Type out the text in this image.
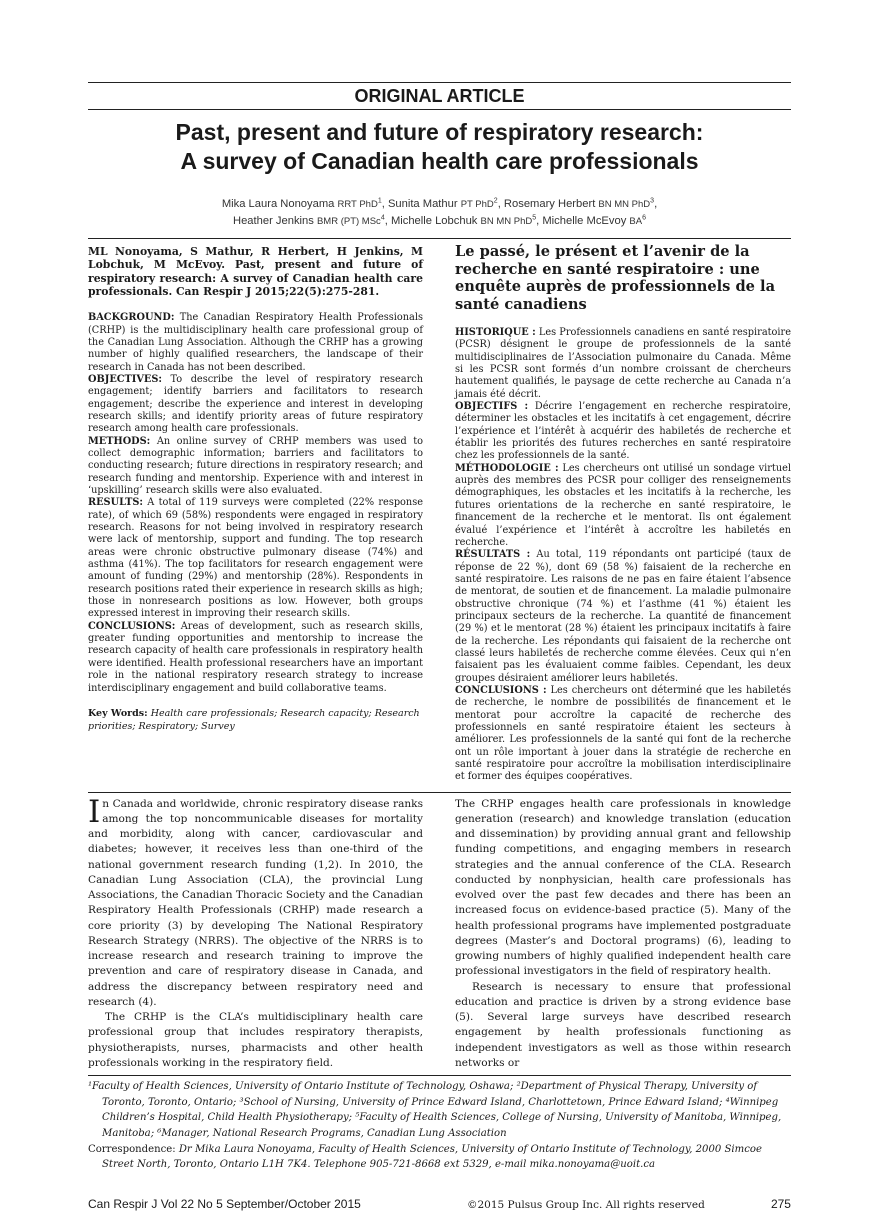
ORIGINAL ARTICLE
Past, present and future of respiratory research:
A survey of Canadian health care professionals
Mika Laura Nonoyama RRT PhD$^1$, Sunita Mathur PT PhD$^2$, Rosemary Herbert BN MN PhD$^3$,
Heather Jenkins BMR (PT) MSc$^4$, Michelle Lobchuk BN MN PhD$^5$, Michelle McEvoy $BA^6$
ML Nonoyama, S Mathur, R Herbert, H Jenkins, M Lobchuk, M McEvoy. Past, present and future of respiratory research: A survey of Canadian health care professionals. Can Respir J 2015;22(5):275-281.
BACKGROUND: The Canadian Respiratory Health Professionals (CRHP) is the multidisciplinary health care professional group of the Canadian Lung Association. Although the CRHP has a growing number of highly qualified researchers, the landscape of their research in Canada has not been described.
OBJECTIVES: To describe the level of respiratory research engagement; identify barriers and facilitators to research engagement; describe the experience and interest in developing research skills; and identify priority areas of future respiratory research among health care professionals.
METHODS: An online survey of CRHP members was used to collect demographic information; barriers and facilitators to conducting research; future directions in respiratory research; and research funding and mentorship. Experience with and interest in ‘upskilling’ research skills were also evaluated.
RESULTS: A total of 119 surveys were completed (22% response rate), of which 69 (58%) respondents were engaged in respiratory research. Reasons for not being involved in respiratory research were lack of mentorship, support and funding. The top research areas were chronic obstructive pulmonary disease (74%) and asthma (41%). The top facilitators for research engagement were amount of funding (29%) and mentorship (28%). Respondents in research positions rated their experience in research skills as high; those in nonresearch positions as low. However, both groups expressed interest in improving their research skills.
CONCLUSIONS: Areas of development, such as research skills, greater funding opportunities and mentorship to increase the research capacity of health care professionals in respiratory health were identified. Health professional researchers have an important role in the national respiratory research strategy to increase interdisciplinary engagement and build collaborative teams.
Key Words: Health care professionals; Research capacity; Research priorities; Respiratory; Survey
Le passé, le présent et l’avenir de la recherche en santé respiratoire : une enquête auprès de professionnels de la santé canadiens
HISTORIQUE : Les Professionnels canadiens en santé respiratoire (PCSR) désignent le groupe de professionnels de la santé multidisciplinaires de l’Association pulmonaire du Canada. Même si les PCSR sont formés d’un nombre croissant de chercheurs hautement qualifiés, le paysage de cette recherche au Canada n’a jamais été décrit.
OBJECTIFS : Décrire l’engagement en recherche respiratoire, déterminer les obstacles et les incitatifs à cet engagement, décrire l’expérience et l’intérêt à acquérir des habiletés de recherche et établir les priorités des futures recherches en santé respiratoire chez les professionnels de la santé.
MÉTHODOLOGIE : Les chercheurs ont utilisé un sondage virtuel auprès des membres des PCSR pour colliger des renseignements démographiques, les obstacles et les incitatifs à la recherche, les futures orientations de la recherche en santé respiratoire, le financement de la recherche et le mentorat. Ils ont également évalué l’expérience et l’intérêt à accroître les habiletés en recherche.
RÉSULTATS : Au total, 119 répondants ont participé (taux de réponse de 22 %), dont 69 (58 %) faisaient de la recherche en santé respiratoire. Les raisons de ne pas en faire étaient l’absence de mentorat, de soutien et de financement. La maladie pulmonaire obstructive chronique (74 %) et l’asthme (41 %) étaient les principaux secteurs de la recherche. La quantité de financement (29 %) et le mentorat (28 %) étaient les principaux incitatifs à faire de la recherche. Les répondants qui faisaient de la recherche ont classé leurs habiletés de recherche comme élevées. Ceux qui n’en faisaient pas les évaluaient comme faibles. Cependant, les deux groupes désiraient améliorer leurs habiletés.
CONCLUSIONS : Les chercheurs ont déterminé que les habiletés de recherche, le nombre de possibilités de financement et le mentorat pour accroître la capacité de recherche des professionnels en santé respiratoire étaient les secteurs à améliorer. Les professionnels de la santé qui font de la recherche ont un rôle important à jouer dans la stratégie de recherche en santé respiratoire pour accroître la mobilisation interdisciplinaire et former des équipes coopératives.

In Canada and worldwide, chronic respiratory disease ranks among the top noncommunicable diseases for mortality and morbidity, along with cancer, cardiovascular and diabetes; however, it receives less than one-third of the national government research funding (1,2). In 2010, the Canadian Lung Association (CLA), the provincial Lung Associations, the Canadian Thoracic Society and the Canadian Respiratory Health Professionals (CRHP) made research a core priority (3) by developing The National Respiratory Research Strategy (NRRS). The objective of the NRRS is to increase research and research training to improve the prevention and care of respiratory disease in Canada, and address the discrepancy between respiratory need and research (4).

The CRHP is the CLA’s multidisciplinary health care professional group that includes respiratory therapists, physiotherapists, nurses, pharmacists and other health professionals working in the respiratory field.

The CRHP engages health care professionals in knowledge generation (research) and knowledge translation (education and dissemination) by providing annual grant and fellowship funding competitions, and engaging members in research strategies and the annual conference of the CLA. Research conducted by nonphysician, health care professionals has evolved over the past few decades and there has been an increased focus on evidence-based practice (5). Many of the health professional programs have implemented postgraduate degrees (Master’s and Doctoral programs) (6), leading to growing numbers of highly qualified independent health care professional investigators in the field of respiratory health.

Research is necessary to ensure that professional education and practice is driven by a strong evidence base (5). Several large surveys have described research engagement by health professionals functioning as independent investigators as well as those within research networks or

¹Faculty of Health Sciences, University of Ontario Institute of Technology, Oshawa; ²Department of Physical Therapy, University of Toronto, Toronto, Ontario; ³School of Nursing, University of Prince Edward Island, Charlottetown, Prince Edward Island; ⁴Winnipeg Children’s Hospital, Child Health Physiotherapy; ⁵Faculty of Health Sciences, College of Nursing, University of Manitoba, Winnipeg, Manitoba; ⁶Manager, National Research Programs, Canadian Lung Association
Correspondence: Dr Mika Laura Nonoyama, Faculty of Health Sciences, University of Ontario Institute of Technology, 2000 Simcoe Street North, Toronto, Ontario L1H 7K4. Telephone 905-721-8668 ext 5329, e-mail mika.nonoyama@uoit.ca
Can Respir J Vol 22 No 5 September/October 2015	©2015 Pulsus Group Inc. All rights reserved	275
